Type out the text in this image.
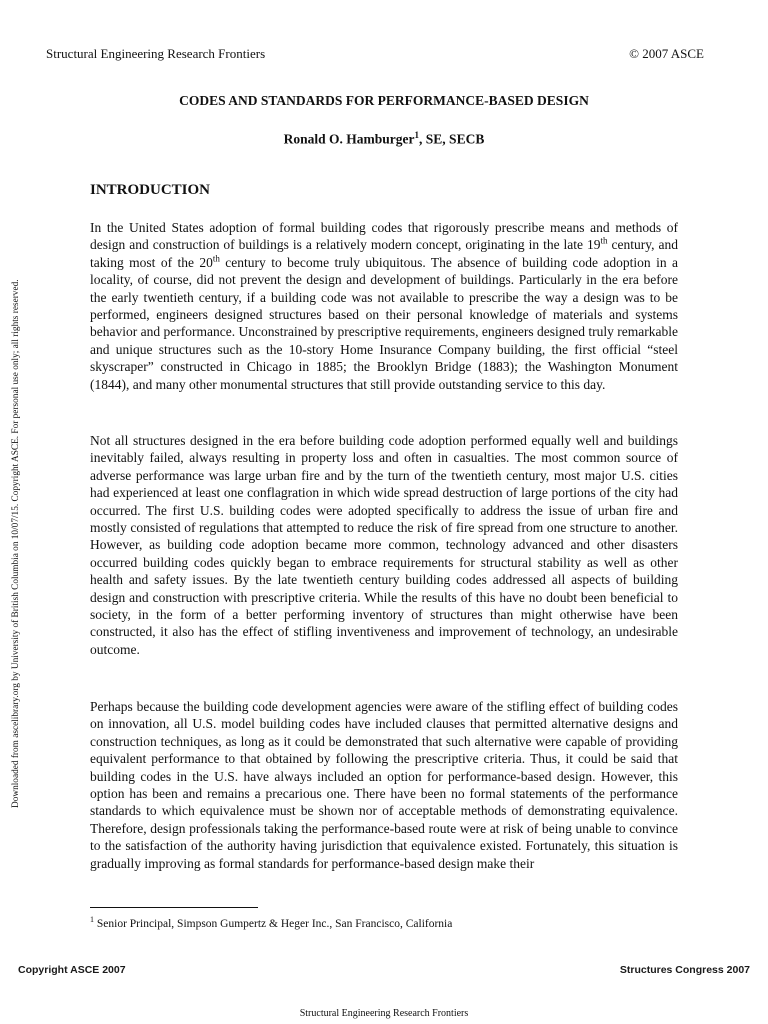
Structural Engineering Research Frontiers	© 2007 ASCE
CODES AND STANDARDS FOR PERFORMANCE-BASED DESIGN
Ronald O. Hamburger$^1$, SE, SECB
INTRODUCTION

In the United States adoption of formal building codes that rigorously prescribe means and methods of design and construction of buildings is a relatively modern concept, originating in the late 19th century, and taking most of the 20th century to become truly ubiquitous. The absence of building code adoption in a locality, of course, did not prevent the design and development of buildings. Particularly in the era before the early twentieth century, if a building code was not available to prescribe the way a design was to be performed, engineers designed structures based on their personal knowledge of materials and systems behavior and performance. Unconstrained by prescriptive requirements, engineers designed truly remarkable and unique structures such as the 10-story Home Insurance Company building, the first official “steel skyscraper” constructed in Chicago in 1885; the Brooklyn Bridge (1883); the Washington Monument (1844), and many other monumental structures that still provide outstanding service to this day.

Not all structures designed in the era before building code adoption performed equally well and buildings inevitably failed, always resulting in property loss and often in casualties. The most common source of adverse performance was large urban fire and by the turn of the twentieth century, most major U.S. cities had experienced at least one conflagration in which wide spread destruction of large portions of the city had occurred. The first U.S. building codes were adopted specifically to address the issue of urban fire and mostly consisted of regulations that attempted to reduce the risk of fire spread from one structure to another. However, as building code adoption became more common, technology advanced and other disasters occurred building codes quickly began to embrace requirements for structural stability as well as other health and safety issues. By the late twentieth century building codes addressed all aspects of building design and construction with prescriptive criteria. While the results of this have no doubt been beneficial to society, in the form of a better performing inventory of structures than might otherwise have been constructed, it also has the effect of stifling inventiveness and improvement of technology, an undesirable outcome.

Perhaps because the building code development agencies were aware of the stifling effect of building codes on innovation, all U.S. model building codes have included clauses that permitted alternative designs and construction techniques, as long as it could be demonstrated that such alternative were capable of providing equivalent performance to that obtained by following the prescriptive criteria. Thus, it could be said that building codes in the U.S. have always included an option for performance-based design. However, this option has been and remains a precarious one. There have been no formal statements of the performance standards to which equivalence must be shown nor of acceptable methods of demonstrating equivalence. Therefore, design professionals taking the performance-based route were at risk of being unable to convince to the satisfaction of the authority having jurisdiction that equivalence existed. Fortunately, this situation is gradually improving as formal standards for performance-based design make their

$^1$ Senior Principal, Simpson Gumpertz & Heger Inc., San Francisco, California
Downloaded from ascelibrary.org by University of British Columbia on 10/07/15. Copyright ASCE. For personal use only; all rights reserved.
Copyright ASCE 2007	Structures Congress 2007
Structural Engineering Research Frontiers
